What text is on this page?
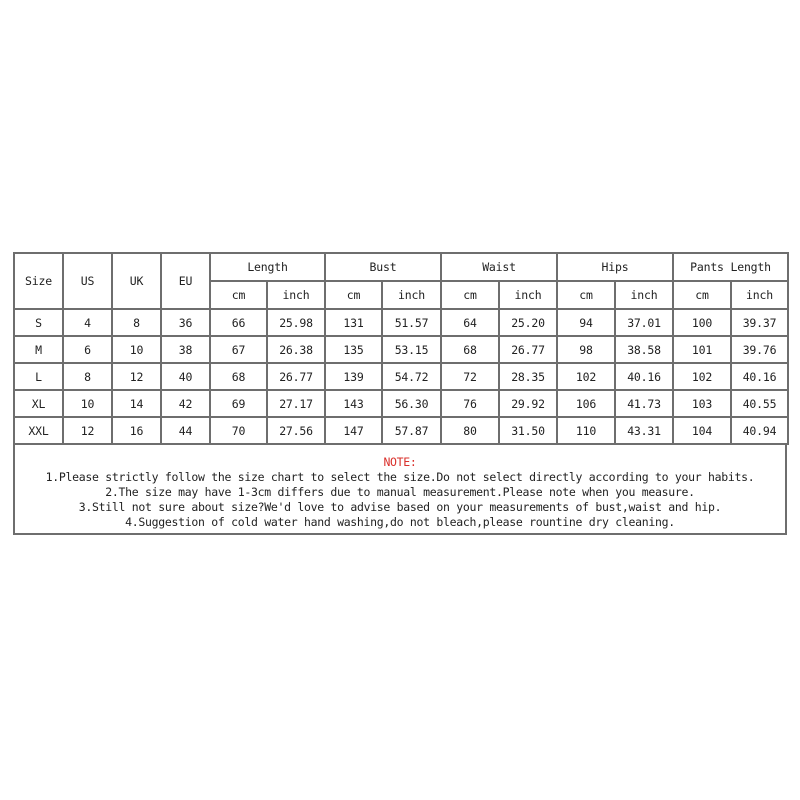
Size	US	UK	EU	Length		Bust		Waist		Hips		Pants Length	
				cm	inch	cm	inch	cm	inch	cm	inch	cm	inch
S	4	8	36	66	25.98	131	51.57	64	25.20	94	37.01	100	39.37
M	6	10	38	67	26.38	135	53.15	68	26.77	98	38.58	101	39.76
L	8	12	40	68	26.77	139	54.72	72	28.35	102	40.16	102	40.16
XL	10	14	42	69	27.17	143	56.30	76	29.92	106	41.73	103	40.55
XXL	12	16	44	70	27.56	147	57.87	80	31.50	110	43.31	104	40.94
NOTE:
1.Please strictly follow the size chart to select the size.Do not select directly according to your habits.
2.The size may have 1-3cm differs due to manual measurement.Please note when you measure.
3.Still not sure about size?We'd love to advise based on your measurements of bust,waist and hip.
4.Suggestion of cold water hand washing,do not bleach,please rountine dry cleaning.
